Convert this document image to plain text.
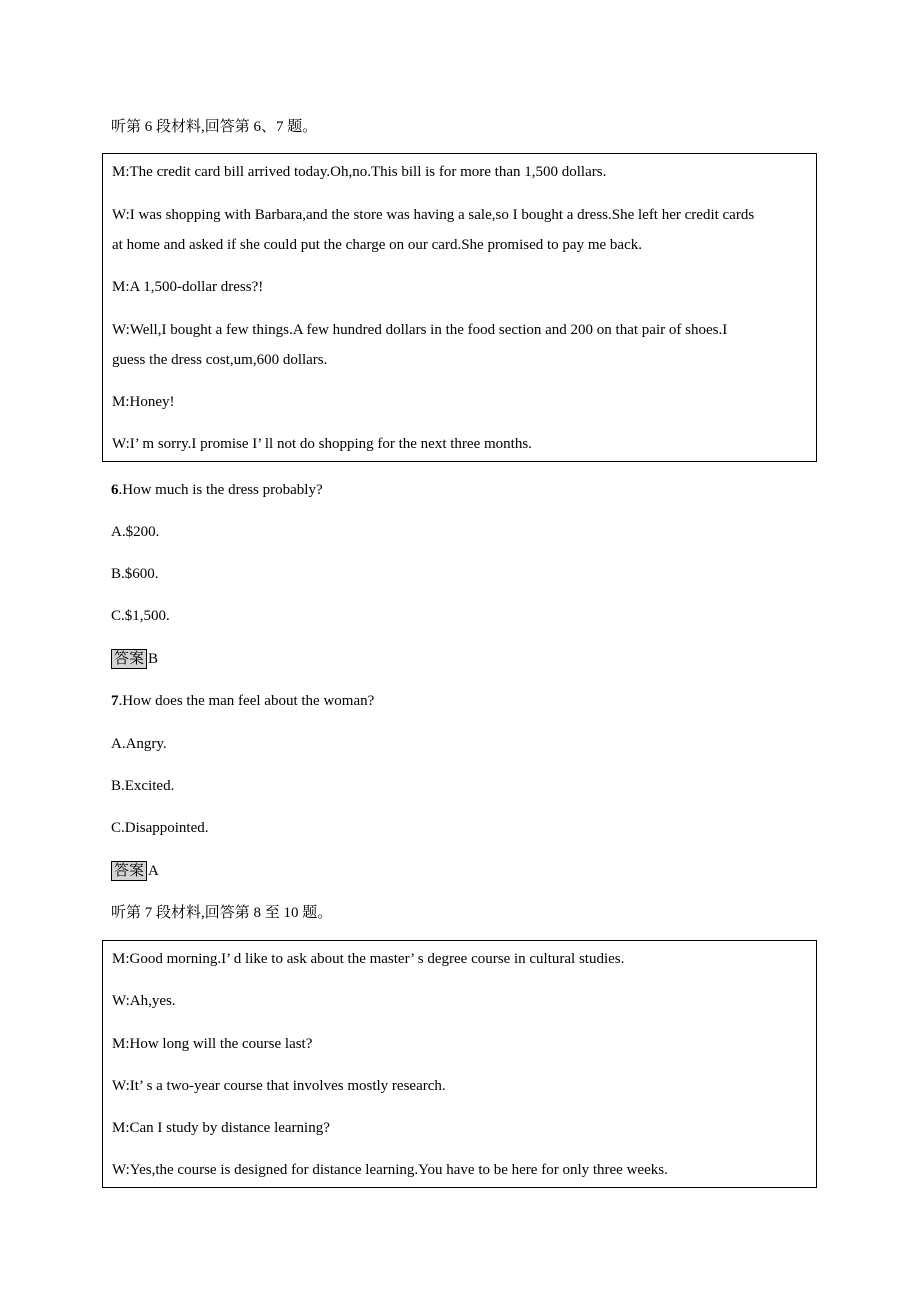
听第 6 段材料,回答第 6、7 题。
M:The credit card bill arrived today.Oh,no.This bill is for more than 1,500 dollars.
W:I was shopping with Barbara,and the store was having a sale,so I bought a dress.She left her credit cards
at home and asked if she could put the charge on our card.She promised to pay me back.
M:A 1,500-dollar dress?!
W:Well,I bought a few things.A few hundred dollars in the food section and 200 on that pair of shoes.I
guess the dress cost,um,600 dollars.
M:Honey!
W:I’ m sorry.I promise I’ ll not do shopping for the next three months.
6.How much is the dress probably?
A.$200.
B.$600.
C.$1,500.
答案 B
7.How does the man feel about the woman?
A.Angry.
B.Excited.
C.Disappointed.
答案 A
听第 7 段材料,回答第 8 至 10 题。
M:Good morning.I’ d like to ask about the master’ s degree course in cultural studies.
W:Ah,yes.
M:How long will the course last?
W:It’ s a two-year course that involves mostly research.
M:Can I study by distance learning?
W:Yes,the course is designed for distance learning.You have to be here for only three weeks.
